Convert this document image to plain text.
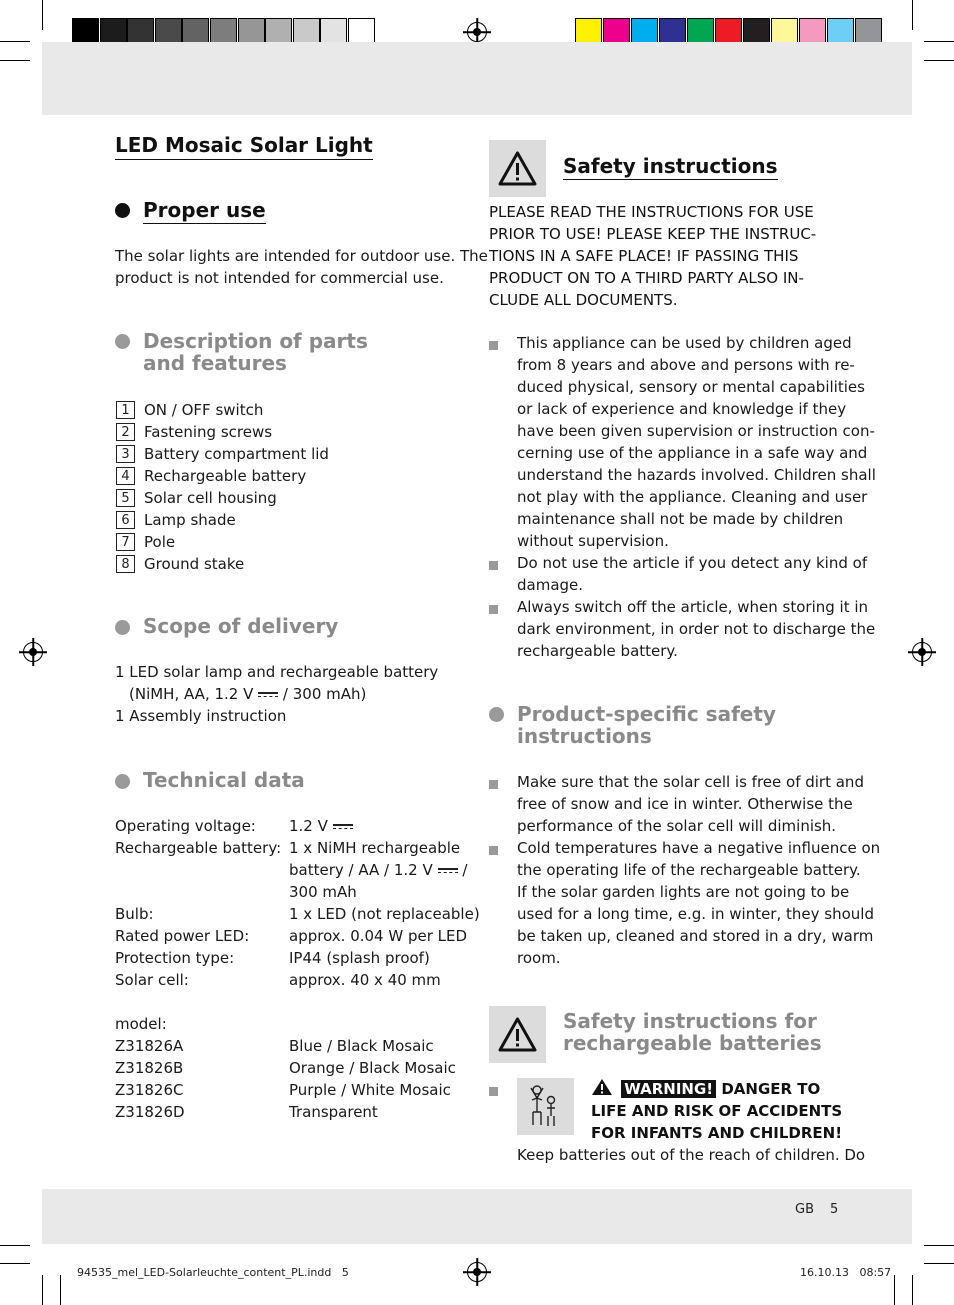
LED Mosaic Solar Light
Proper use
The solar lights are intended for outdoor use. The
product is not intended for commercial use.
Description of parts
and features
1 ON / OFF switch
2 Fastening screws
3 Battery compartment lid
4 Rechargeable battery
5 Solar cell housing
6 Lamp shade
7 Pole
8 Ground stake
Scope of delivery
1 LED solar lamp and rechargeable battery
(NiMH, AA, 1.2 V  / 300 mAh)
1 Assembly instruction
Technical data
Operating voltage: 1.2 V
Rechargeable battery: 1 x NiMH rechargeable
battery / AA / 1.2 V  /
300 mAh
Bulb:	1 x LED (not replaceable)
Rated power LED:	approx. 0.04 W per LED
Protection type:	IP44 (splash proof)
Solar cell:	approx. 40 x 40 mm
model:
Z31826A	Blue / Black Mosaic
Z31826B	Orange / Black Mosaic
Z31826C	Purple / White Mosaic
Z31826D	Transparent
Safety instructions
PLEASE READ THE INSTRUCTIONS FOR USE
PRIOR TO USE! PLEASE KEEP THE INSTRUC-
TIONS IN A SAFE PLACE! IF PASSING THIS
PRODUCT ON TO A THIRD PARTY ALSO IN-
CLUDE ALL DOCUMENTS.
This appliance can be used by children aged
from 8 years and above and persons with re-
duced physical, sensory or mental capabilities
or lack of experience and knowledge if they
have been given supervision or instruction con-
cerning use of the appliance in a safe way and
understand the hazards involved. Children shall
not play with the appliance. Cleaning and user
maintenance shall not be made by children
without supervision.
Do not use the article if you detect any kind of
damage.
Always switch off the article, when storing it in
dark environment, in order not to discharge the
rechargeable battery.
Product-specific safety
instructions
Make sure that the solar cell is free of dirt and
free of snow and ice in winter. Otherwise the
performance of the solar cell will diminish.
Cold temperatures have a negative influence on
the operating life of the rechargeable battery.
If the solar garden lights are not going to be
used for a long time, e.g. in winter, they should
be taken up, cleaned and stored in a dry, warm
room.
Safety instructions for
rechargeable batteries
WARNING! DANGER TO
LIFE AND RISK OF ACCIDENTS
FOR INFANTS AND CHILDREN!
Keep batteries out of the reach of children. Do
GB 5
94535_mel_LED-Solarleuchte_content_PL.indd   5	16.10.13   08:57
